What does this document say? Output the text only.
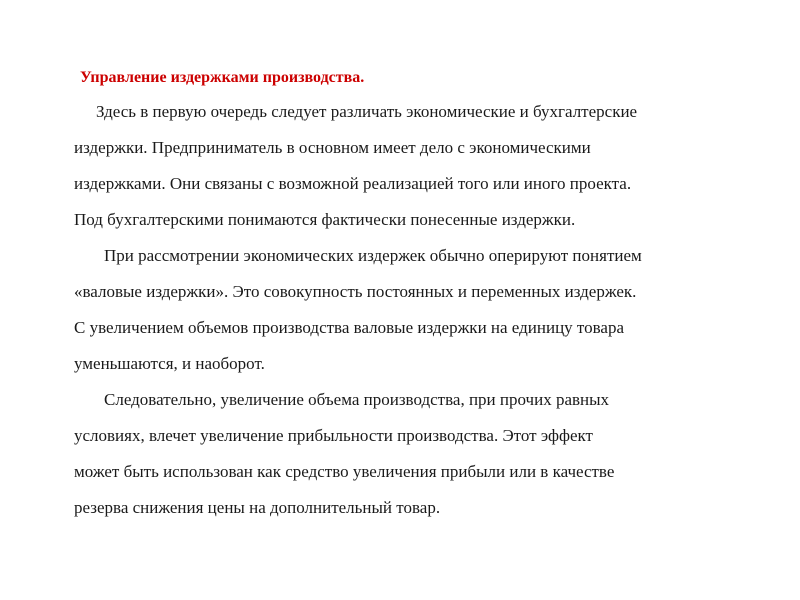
Управление издержками производства.

Здесь в первую очередь следует различать экономические и бухгалтерские

издержки. Предприниматель в основном имеет дело с экономическими

издержками. Они связаны с возможной реализацией того или иного проекта.

Под бухгалтерскими понимаются фактически понесенные издержки.

При рассмотрении экономических издержек обычно оперируют понятием

«валовые издержки». Это совокупность постоянных и переменных издержек.

С увеличением объемов производства валовые издержки на единицу товара

уменьшаются, и наоборот.

Следовательно, увеличение объема производства, при прочих равных

условиях, влечет увеличение прибыльности производства. Этот эффект

может быть использован как средство увеличения прибыли или в качестве

резерва снижения цены на дополнительный товар.
